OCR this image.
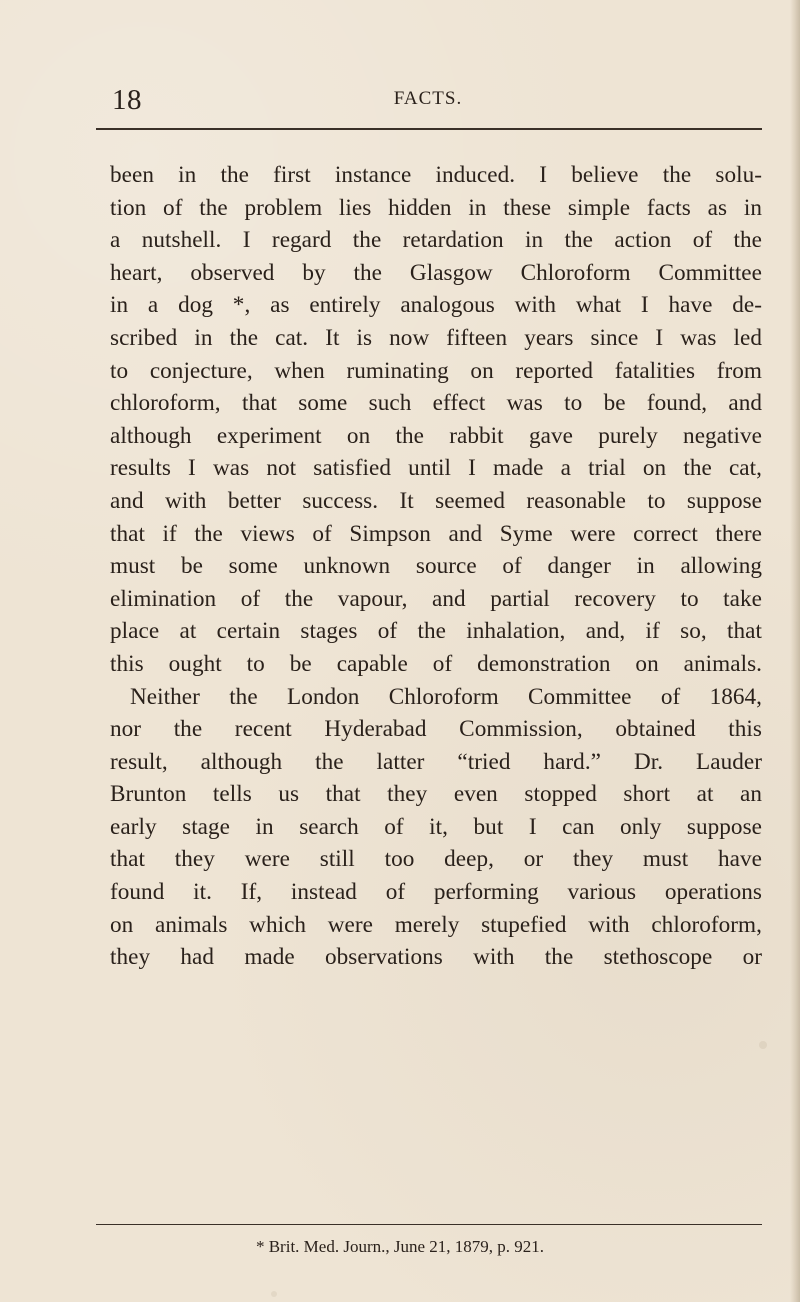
18	FACTS.
been in the first instance induced. I believe the solu-
tion of the problem lies hidden in these simple facts as in
a nutshell. I regard the retardation in the action of the
heart, observed by the Glasgow Chloroform Committee
in a dog *, as entirely analogous with what I have de-
scribed in the cat. It is now fifteen years since I was led
to conjecture, when ruminating on reported fatalities from
chloroform, that some such effect was to be found, and
although experiment on the rabbit gave purely negative
results I was not satisfied until I made a trial on the cat,
and with better success. It seemed reasonable to suppose
that if the views of Simpson and Syme were correct there
must be some unknown source of danger in allowing
elimination of the vapour, and partial recovery to take
place at certain stages of the inhalation, and, if so, that
this ought to be capable of demonstration on animals.
Neither the London Chloroform Committee of 1864,
nor the recent Hyderabad Commission, obtained this
result, although the latter “tried hard.” Dr. Lauder
Brunton tells us that they even stopped short at an
early stage in search of it, but I can only suppose
that they were still too deep, or they must have
found it. If, instead of performing various operations
on animals which were merely stupefied with chloroform,
they had made observations with the stethoscope or
* Brit. Med. Journ., June 21, 1879, p. 921.
